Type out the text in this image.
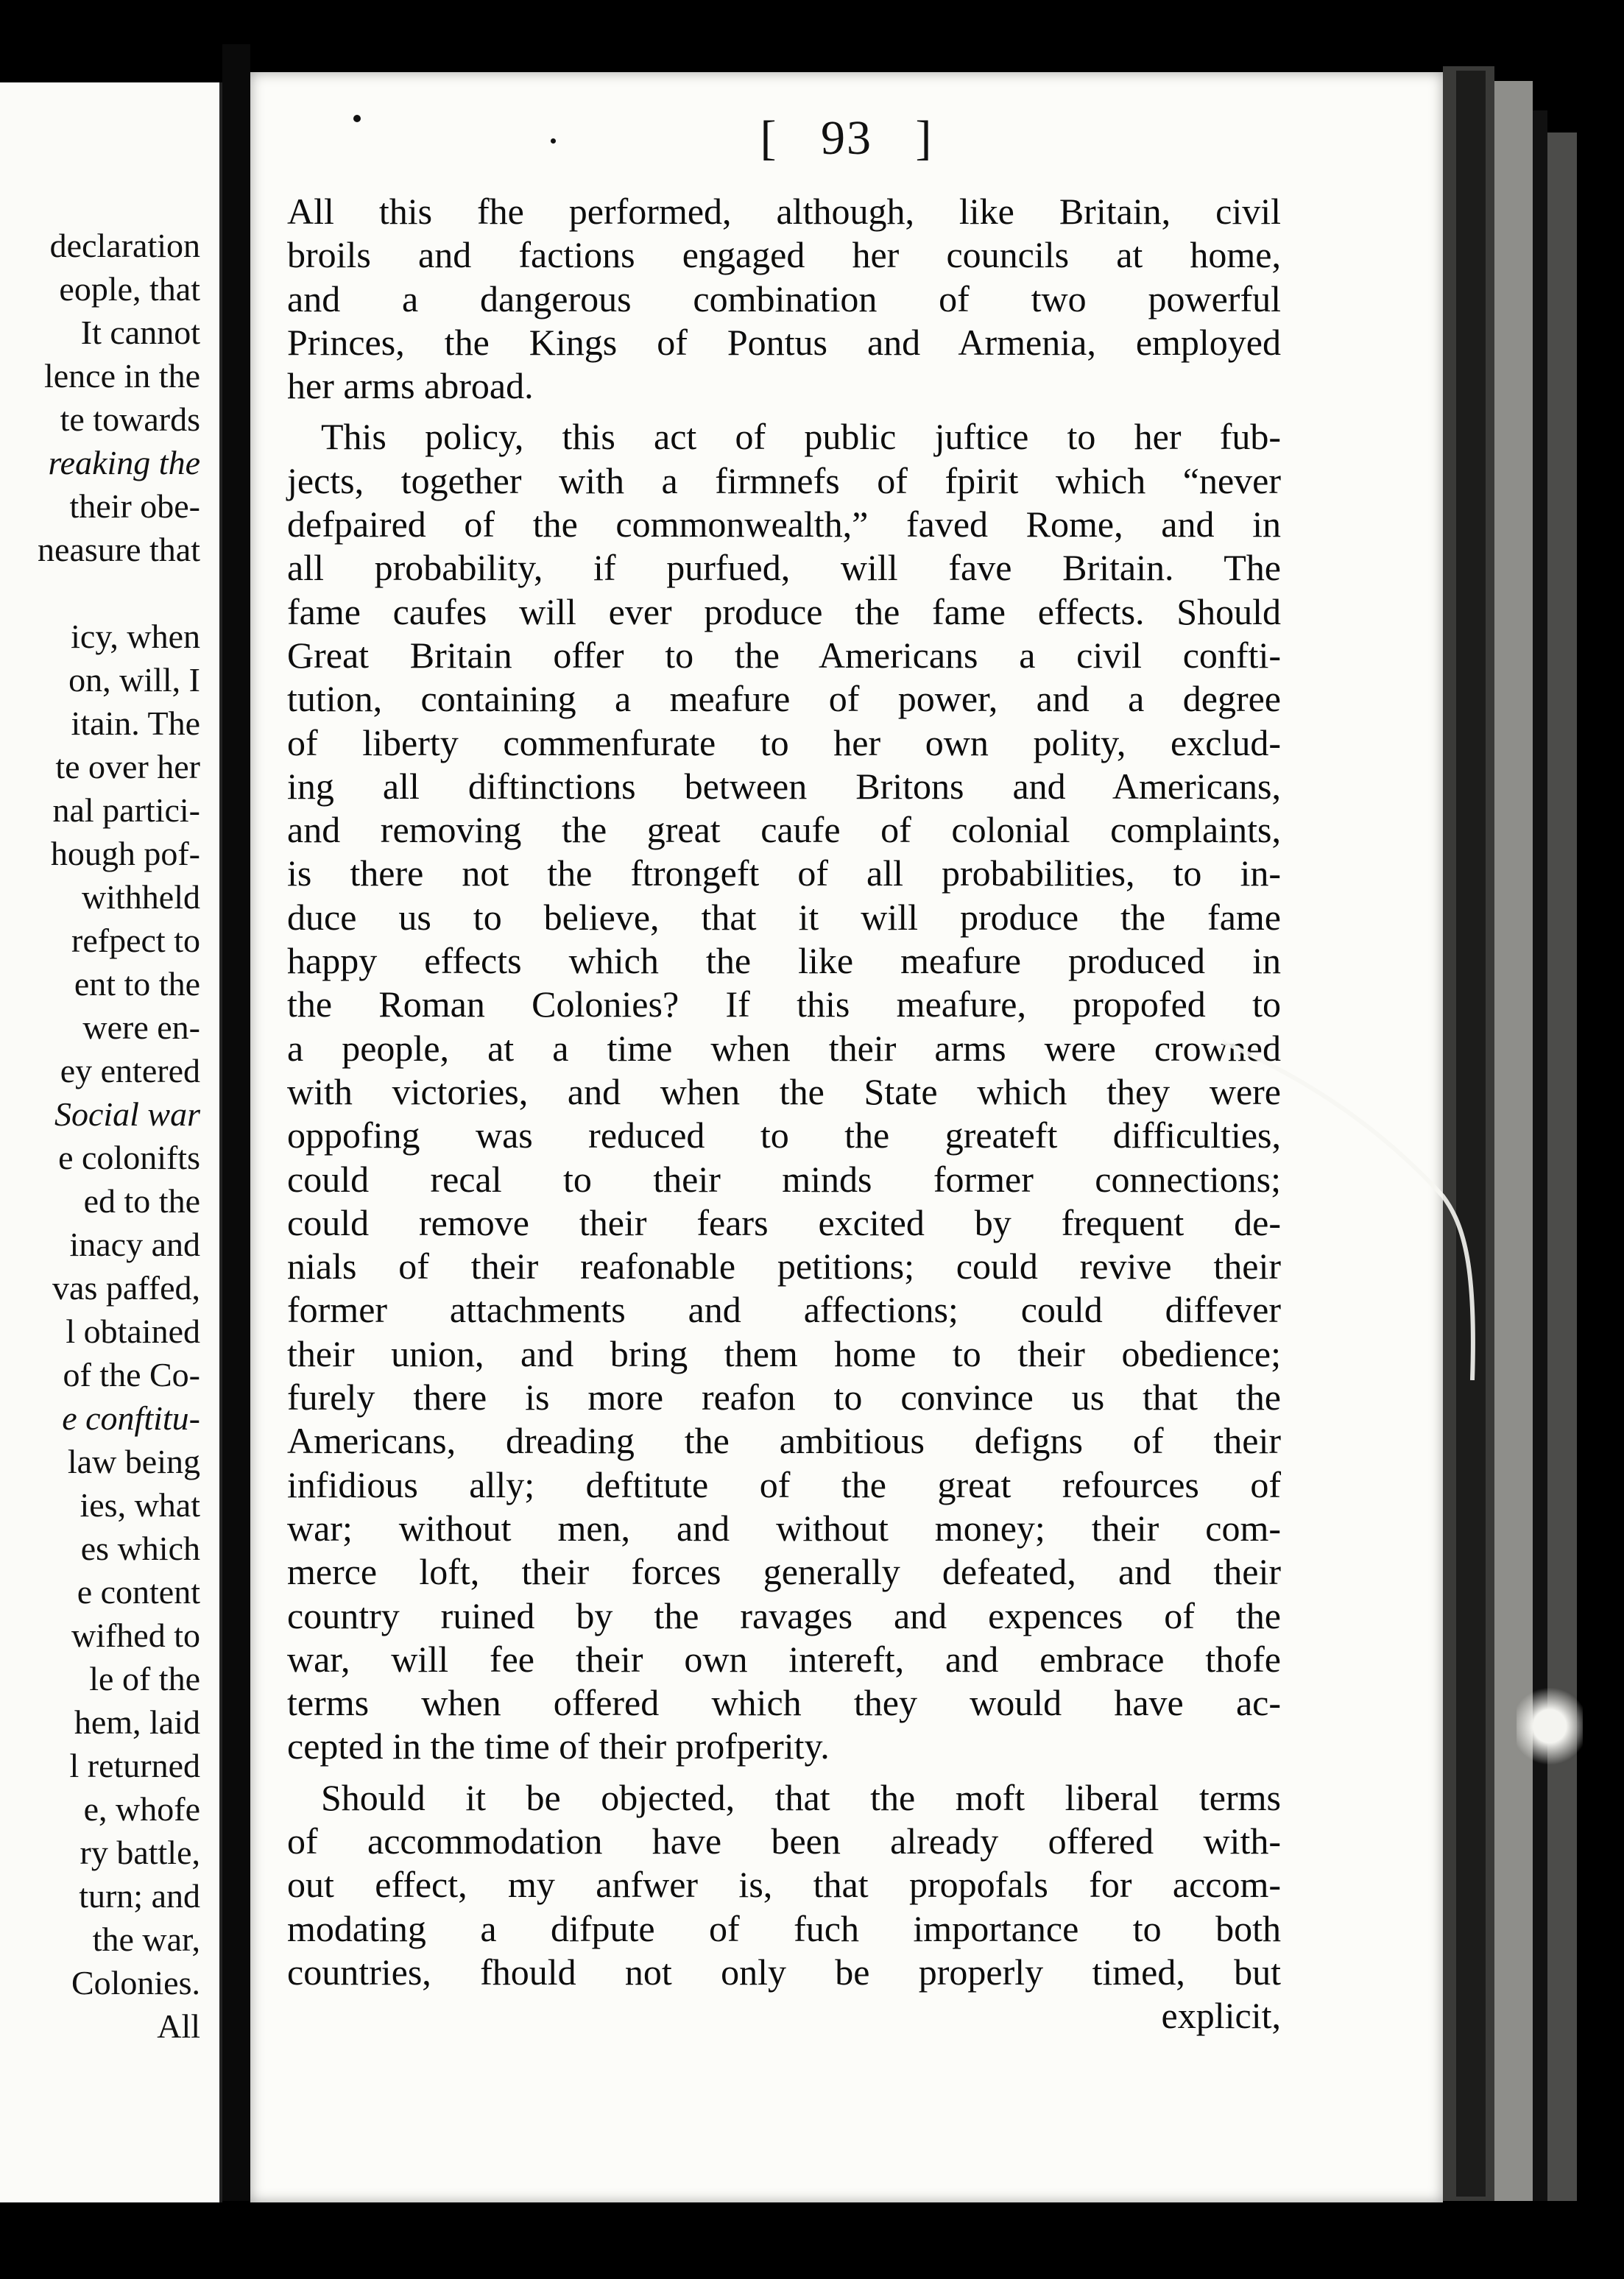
declaration
eople, that
It cannot
lence in the
te towards
reaking the
their obe-
neasure that
icy, when
on, will, I
itain. The
te over her
nal partici-
hough pof-
withheld
refpect to
ent to the
were en-
ey entered
Social war
e colonifts
ed to the
inacy and
vas paffed,
l obtained
of the Co-
e conftitu-
law being
ies, what
es which
e content
wifhed to
le of the
hem, laid
l returned
e, whofe
ry battle,
turn; and
the war,
Colonies.
All
[ 93 ]
All this fhe performed, although, like Britain, civil
broils and factions engaged her councils at home,
and a dangerous combination of two powerful
Princes, the Kings of Pontus and Armenia, employed
her arms abroad.
This policy, this act of public juftice to her fub-
jects, together with a firmnefs of fpirit which “never
defpaired of the commonwealth,” faved Rome, and in
all probability, if purfued, will fave Britain. The
fame caufes will ever produce the fame effects. Should
Great Britain offer to the Americans a civil confti-
tution, containing a meafure of power, and a degree
of liberty commenfurate to her own polity, exclud-
ing all diftinctions between Britons and Americans,
and removing the great caufe of colonial complaints,
is there not the ftrongeft of all probabilities, to in-
duce us to believe, that it will produce the fame
happy effects which the like meafure produced in
the Roman Colonies? If this meafure, propofed to
a people, at a time when their arms were crowned
with victories, and when the State which they were
oppofing was reduced to the greateft difficulties,
could recal to their minds former connections;
could remove their fears excited by frequent de-
nials of their reafonable petitions; could revive their
former attachments and affections; could diffever
their union, and bring them home to their obedience;
furely there is more reafon to convince us that the
Americans, dreading the ambitious defigns of their
infidious ally; deftitute of the great refources of
war; without men, and without money; their com-
merce loft, their forces generally defeated, and their
country ruined by the ravages and expences of the
war, will fee their own intereft, and embrace thofe
terms when offered which they would have ac-
cepted in the time of their profperity.
Should it be objected, that the moft liberal terms
of accommodation have been already offered with-
out effect, my anfwer is, that propofals for accom-
modating a difpute of fuch importance to both
countries, fhould not only be properly timed, but
explicit,
